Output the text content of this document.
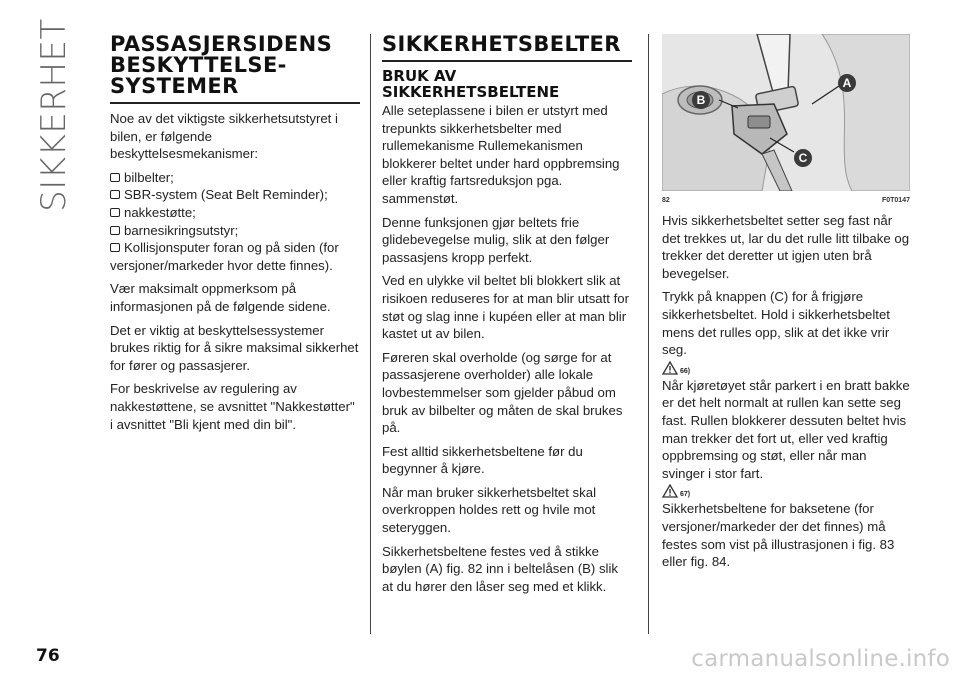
SIKKERHET PASSASJERSIDENS
BESKYTTELSE-
SYSTEMER

Noe av det viktigste sikkerhetsutstyret i bilen, er følgende beskyttelsesmekanismer:

bilbelter;
SBR-system (Seat Belt Reminder);
nakkestøtte;
barnesikringsutstyr;
Kollisjonsputer foran og på siden (for versjoner/markeder hvor dette finnes).

Vær maksimalt oppmerksom på informasjonen på de følgende sidene.

Det er viktig at beskyttelsessystemer brukes riktig for å sikre maksimal sikkerhet for fører og passasjerer.

For beskrivelse av regulering av nakkestøttene, se avsnittet "Nakkestøtter" i avsnittet "Bli kjent med din bil".

SIKKERHETSBELTER
BRUK AV
SIKKERHETSBELTENE

Alle seteplassene i bilen er utstyrt med trepunkts sikkerhetsbelter med rullemekanisme Rullemekanismen blokkerer beltet under hard oppbremsing eller kraftig fartsreduksjon pga. sammenstøt.

Denne funksjonen gjør beltets frie glidebevegelse mulig, slik at den følger passasjens kropp perfekt.

Ved en ulykke vil beltet bli blokkert slik at risikoen reduseres for at man blir utsatt for støt og slag inne i kupéen eller at man blir kastet ut av bilen.

Føreren skal overholde (og sørge for at passasjerene overholder) alle lokale lovbestemmelser som gjelder påbud om bruk av bilbelter og måten de skal brukes på.

Fest alltid sikkerhetsbeltene før du begynner å kjøre.

Når man bruker sikkerhetsbeltet skal overkroppen holdes rett og hvile mot seteryggen.

Sikkerhetsbeltene festes ved å stikke bøylen (A) fig. 82 inn i beltelåsen (B) slik at du hører den låser seg med et klikk.

A
B
C
82	F0T0147

Hvis sikkerhetsbeltet setter seg fast når det trekkes ut, lar du det rulle litt tilbake og trekker det deretter ut igjen uten brå bevegelser.

Trykk på knappen (C) for å frigjøre sikkerhetsbeltet. Hold i sikkerhetsbeltet mens det rulles opp, slik at det ikke vrir seg.

66)

Når kjøretøyet står parkert i en bratt bakke er det helt normalt at rullen kan sette seg fast. Rullen blokkerer dessuten beltet hvis man trekker det fort ut, eller ved kraftig oppbremsing og støt, eller når man svinger i stor fart.

67)

Sikkerhetsbeltene for baksetene (for versjoner/markeder der det finnes) må festes som vist på illustrasjonen i fig. 83 eller fig. 84.

76	carmanualsonline.info
